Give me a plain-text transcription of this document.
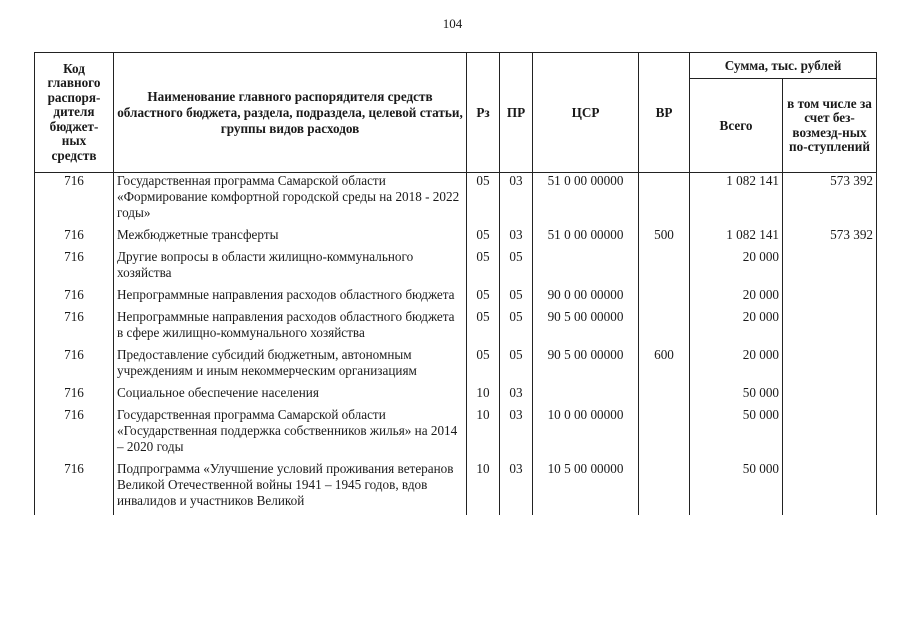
104
Код главного распоря-дителя бюджет-ных средств	Наименование главного распорядителя средств областного бюджета, раздела, подраздела, целевой статьи, группы видов расходов	Рз	ПР	ЦСР	ВР	Сумма, тыс. рублей	
						Всего	в том числе за счет без-возмезд-ных по-ступлений
716	Государственная программа Самарской области «Формирование комфортной городской среды на 2018 - 2022 годы»	05	03	51 0 00 00000		1 082 141	573 392
716	Межбюджетные трансферты	05	03	51 0 00 00000	500	1 082 141	573 392
716	Другие вопросы в области жилищно-коммунального хозяйства	05	05			20 000	
716	Непрограммные направления расходов областного бюджета	05	05	90 0 00 00000		20 000	
716	Непрограммные направления расходов областного бюджета в сфере жилищно-коммунального хозяйства	05	05	90 5 00 00000		20 000	
716	Предоставление субсидий бюджетным, автономным учреждениям и иным некоммерческим организациям	05	05	90 5 00 00000	600	20 000	
716	Социальное обеспечение населения	10	03			50 000	
716	Государственная программа Самарской области «Государственная поддержка собственников жилья» на 2014 – 2020 годы	10	03	10 0 00 00000		50 000	
716	Подпрограмма «Улучшение условий проживания ветеранов Великой Отечественной войны 1941 – 1945 годов, вдов инвалидов и участников Великой	10	03	10 5 00 00000		50 000	
